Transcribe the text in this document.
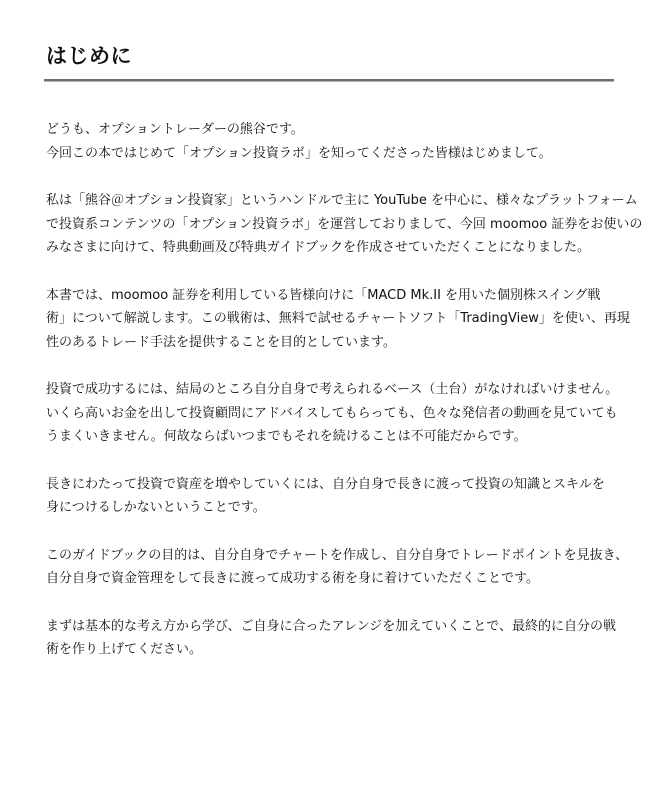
はじめに

どうも、オプショントレーダーの熊谷です。
今回この本ではじめて「オプション投資ラボ」を知ってくださった皆様はじめまして。

私は「熊谷＠オプション投資家」というハンドルで主に YouTube を中心に、様々なプラットフォーム
で投資系コンテンツの「オプション投資ラボ」を運営しておりまして、今回 moomoo 証券をお使いの
みなさまに向けて、特典動画及び特典ガイドブックを作成させていただくことになりました。

本書では、moomoo 証券を利用している皆様向けに「MACD Mk.II を用いた個別株スイング戦
術」について解説します。この戦術は、無料で試せるチャートソフト「TradingView」を使い、再現
性のあるトレード手法を提供することを目的としています。

投資で成功するには、結局のところ自分自身で考えられるベース（土台）がなければいけません。
いくら高いお金を出して投資顧問にアドバイスしてもらっても、色々な発信者の動画を見ていても
うまくいきません。何故ならばいつまでもそれを続けることは不可能だからです。

長きにわたって投資で資産を増やしていくには、自分自身で長きに渡って投資の知識とスキルを
身につけるしかないということです。

このガイドブックの目的は、自分自身でチャートを作成し、自分自身でトレードポイントを見抜き、
自分自身で資金管理をして長きに渡って成功する術を身に着けていただくことです。

まずは基本的な考え方から学び、ご自身に合ったアレンジを加えていくことで、最終的に自分の戦
術を作り上げてください。
